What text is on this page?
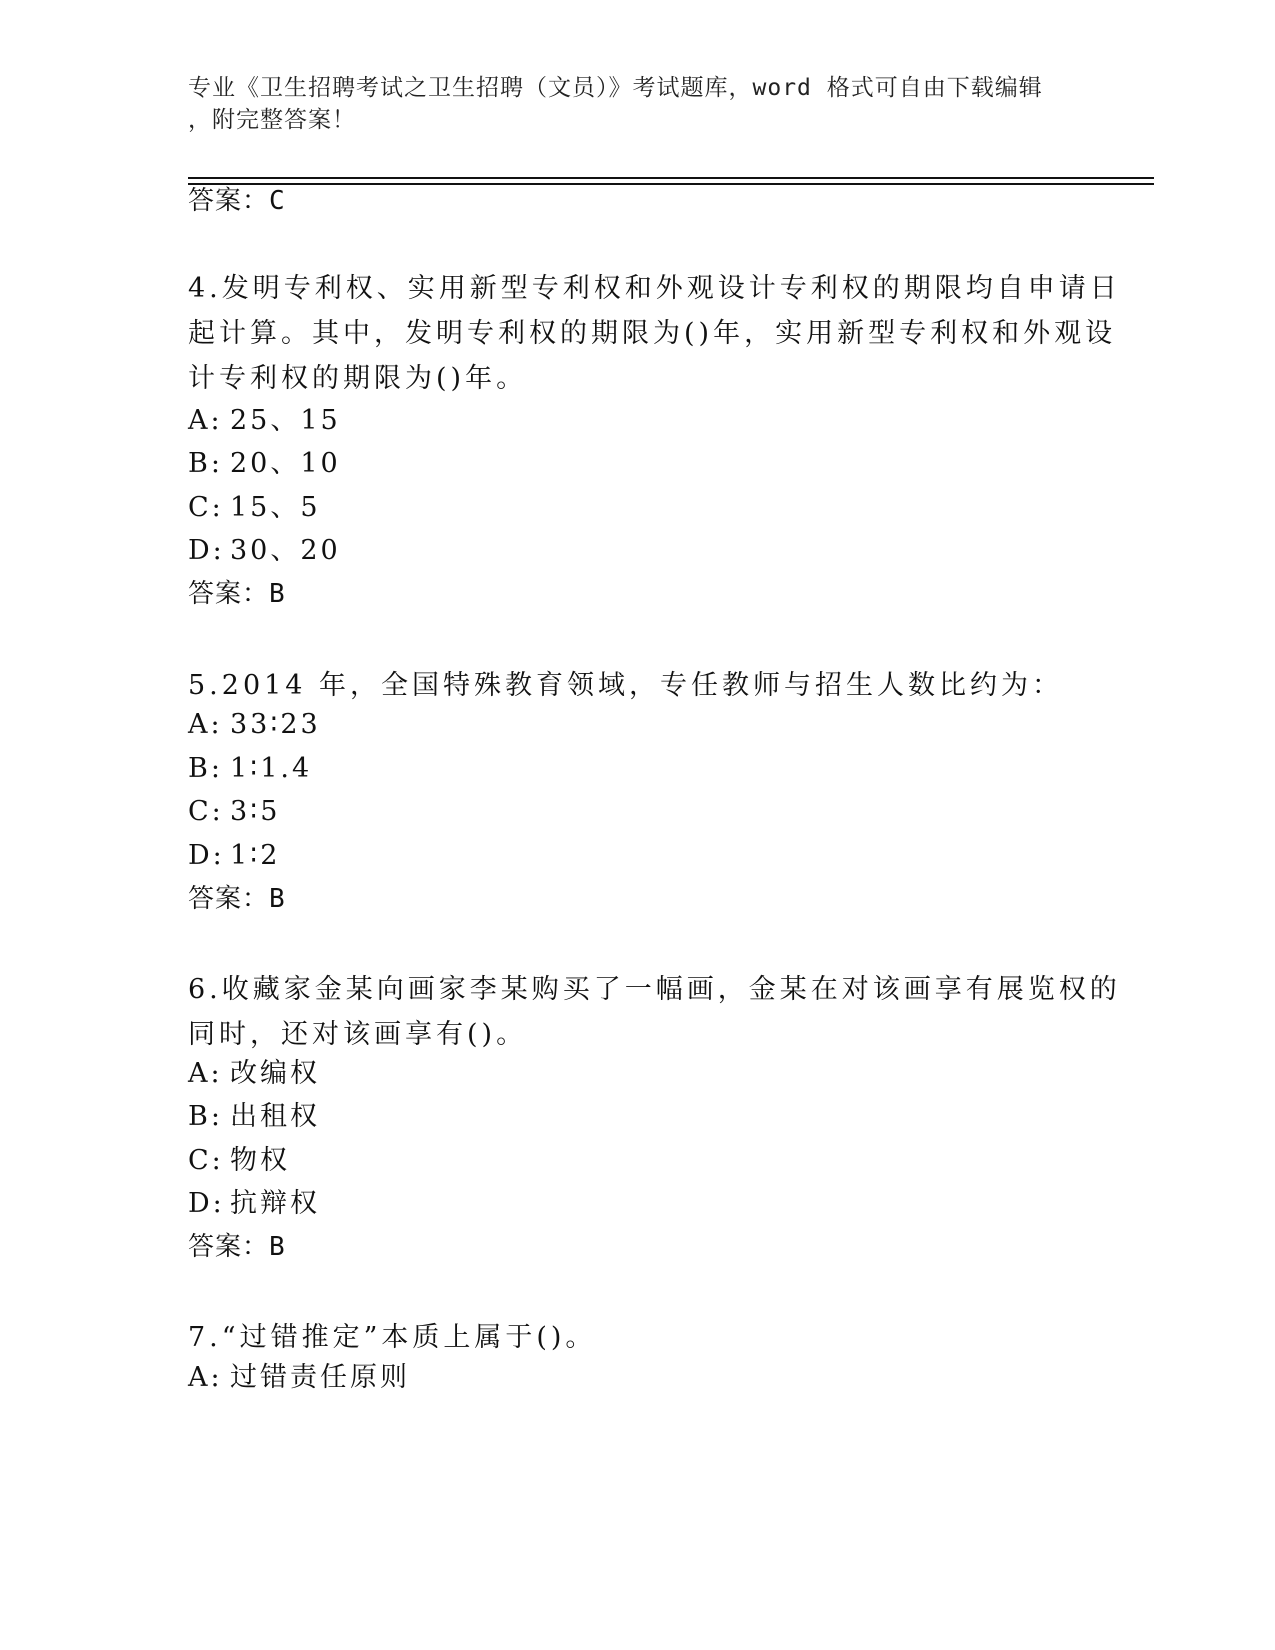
专业《卫生招聘考试之卫生招聘（文员）》考试题库，word 格式可自由下载编辑
，附完整答案！
答案：C
4.发明专利权、实用新型专利权和外观设计专利权的期限均自申请日
起计算。其中，发明专利权的期限为()年，实用新型专利权和外观设
计专利权的期限为()年。
A: 25、15
B: 20、10
C: 15、5
D: 30、20
答案：B
5.2014 年，全国特殊教育领域，专任教师与招生人数比约为：
A: 33∶23
B: 1∶1.4
C: 3∶5
D: 1∶2
答案：B
6.收藏家金某向画家李某购买了一幅画，金某在对该画享有展览权的
同时，还对该画享有()。
A: 改编权
B: 出租权
C: 物权
D: 抗辩权
答案：B
7.“过错推定”本质上属于()。
A: 过错责任原则
